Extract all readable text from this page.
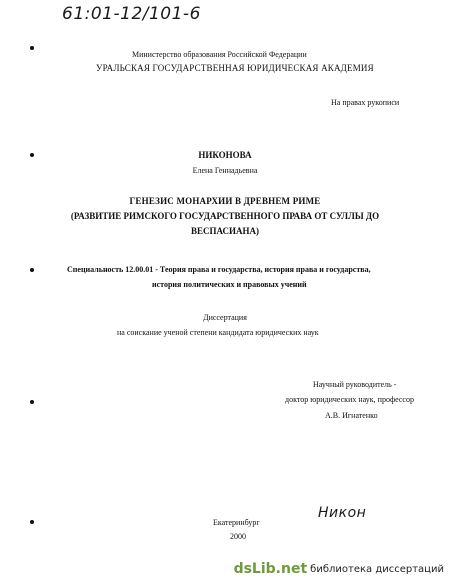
61:01-12/101-6
Министерство образования Российской Федерации
УРАЛЬСКАЯ ГОСУДАРСТВЕННАЯ ЮРИДИЧЕСКАЯ АКАДЕМИЯ
На правах рукописи
НИКОНОВА
Елена Геннадьевна
ГЕНЕЗИС МОНАРХИИ В ДРЕВНЕМ РИМЕ
(РАЗВИТИЕ РИМСКОГО ГОСУДАРСТВЕННОГО ПРАВА ОТ СУЛЛЫ ДО
ВЕСПАСИАНА)
Специальность 12.00.01 - Теория права и государства, история права и государства,
история политических и правовых учений
Диссертация
на соискание ученой степени кандидата юридических наук
Научный руководитель -
доктор юридических наук, профессор
А.В. Игнатенко
Никон
Екатеринбург
2000
dsLib.net библиотека диссертаций
